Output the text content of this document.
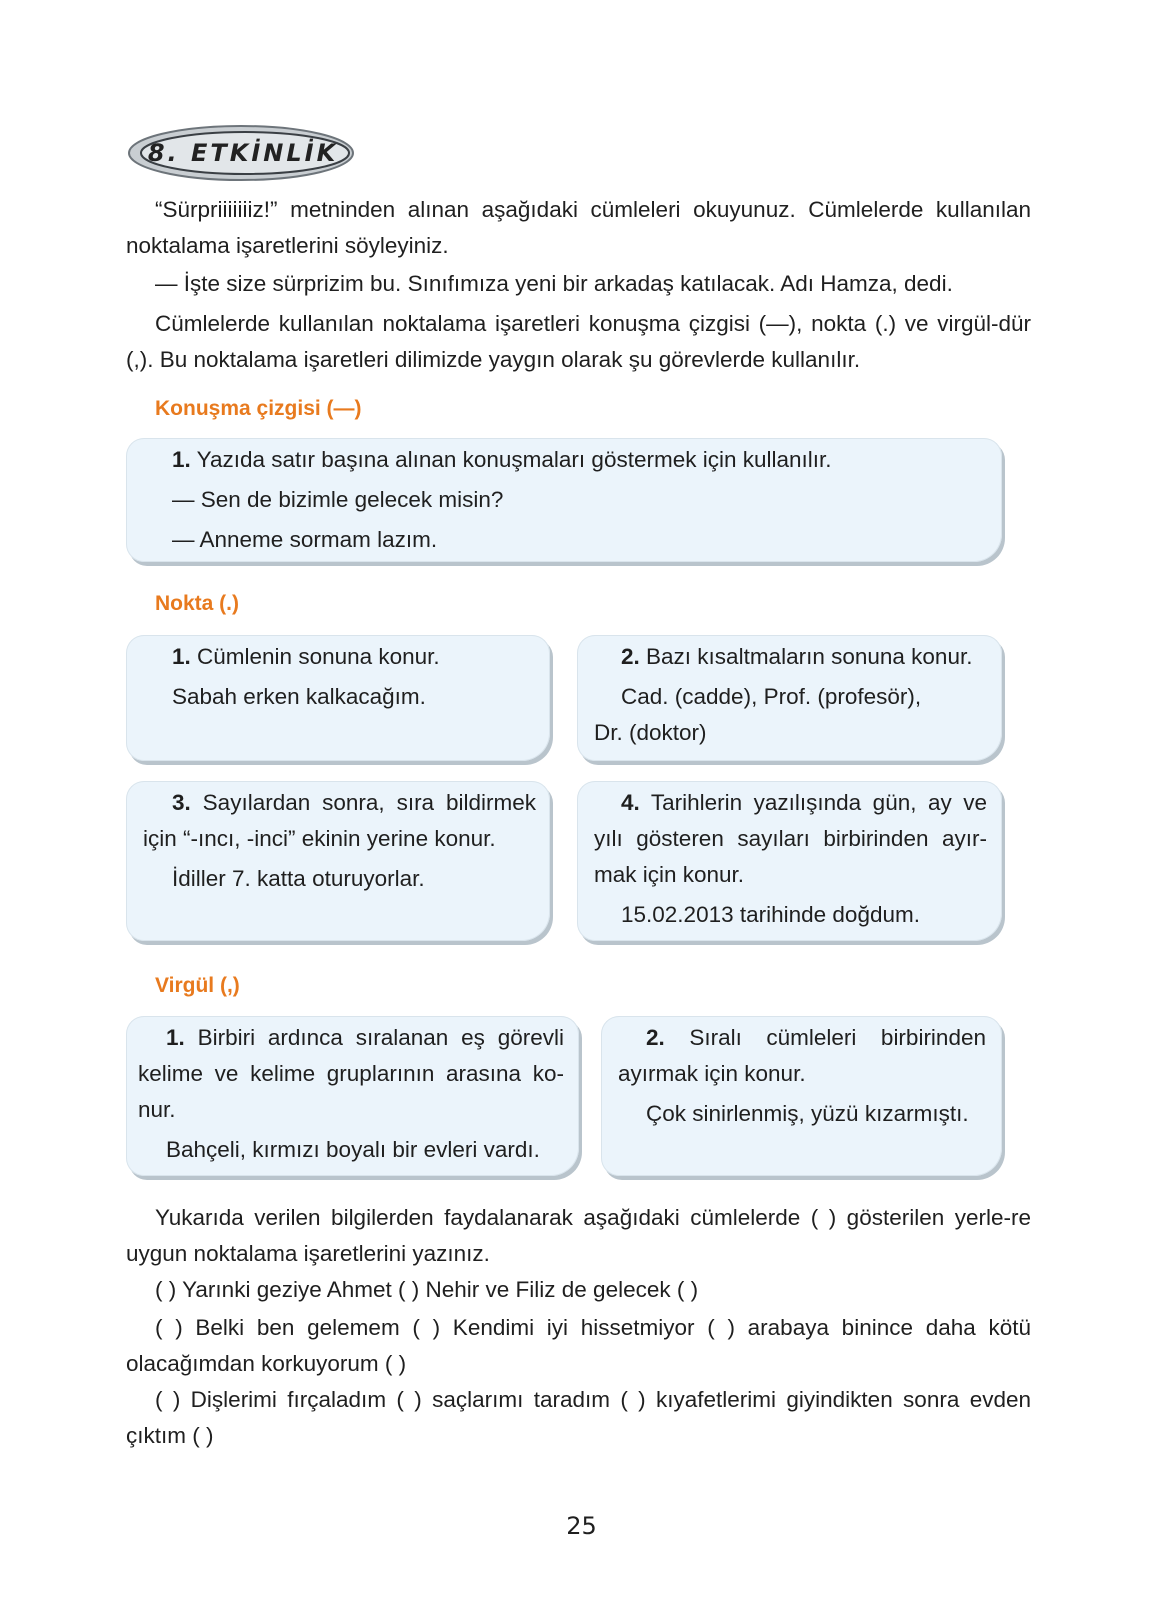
8. ETKİNLİK

“Sürpriiiiiiiz!” metninden alınan aşağıdaki cümleleri okuyunuz. Cümlelerde kullanılan noktalama işaretlerini söyleyiniz.

— İşte size sürprizim bu. Sınıfımıza yeni bir arkadaş katılacak. Adı Hamza, dedi.

Cümlelerde kullanılan noktalama işaretleri konuşma çizgisi (—), nokta (.) ve virgül-dür (,). Bu noktalama işaretleri dilimizde yaygın olarak şu görevlerde kullanılır.

Konuşma çizgisi (—)
1. Yazıda satır başına alınan konuşmaları göstermek için kullanılır.
— Sen de bizimle gelecek misin?
— Anneme sormam lazım.
Nokta (.)
1. Cümlenin sonuna konur.
Sabah erken kalkacağım.
2. Bazı kısaltmaların sonuna konur.
Cad. (cadde), Prof. (profesör),
Dr. (doktor)
3. Sayılardan sonra, sıra bildirmek
için “-ıncı, -inci” ekinin yerine konur.
İdiller 7. katta oturuyorlar.
4. Tarihlerin yazılışında gün, ay ve
yılı gösteren sayıları birbirinden ayır-
mak için konur.
15.02.2013 tarihinde doğdum.
Virgül (,)
1. Birbiri ardınca sıralanan eş görevli
kelime ve kelime gruplarının arasına ko-
nur.
Bahçeli, kırmızı boyalı bir evleri vardı.
2. Sıralı cümleleri birbirinden
ayırmak için konur.
Çok sinirlenmiş, yüzü kızarmıştı.

Yukarıda verilen bilgilerden faydalanarak aşağıdaki cümlelerde ( ) gösterilen yerle-re uygun noktalama işaretlerini yazınız.

( ) Yarınki geziye Ahmet ( ) Nehir ve Filiz de gelecek ( )

( ) Belki ben gelemem ( ) Kendimi iyi hissetmiyor ( ) arabaya binince daha kötü olacağımdan korkuyorum ( )

( ) Dişlerimi fırçaladım ( ) saçlarımı taradım ( ) kıyafetlerimi giyindikten sonra evden çıktım ( )

25
